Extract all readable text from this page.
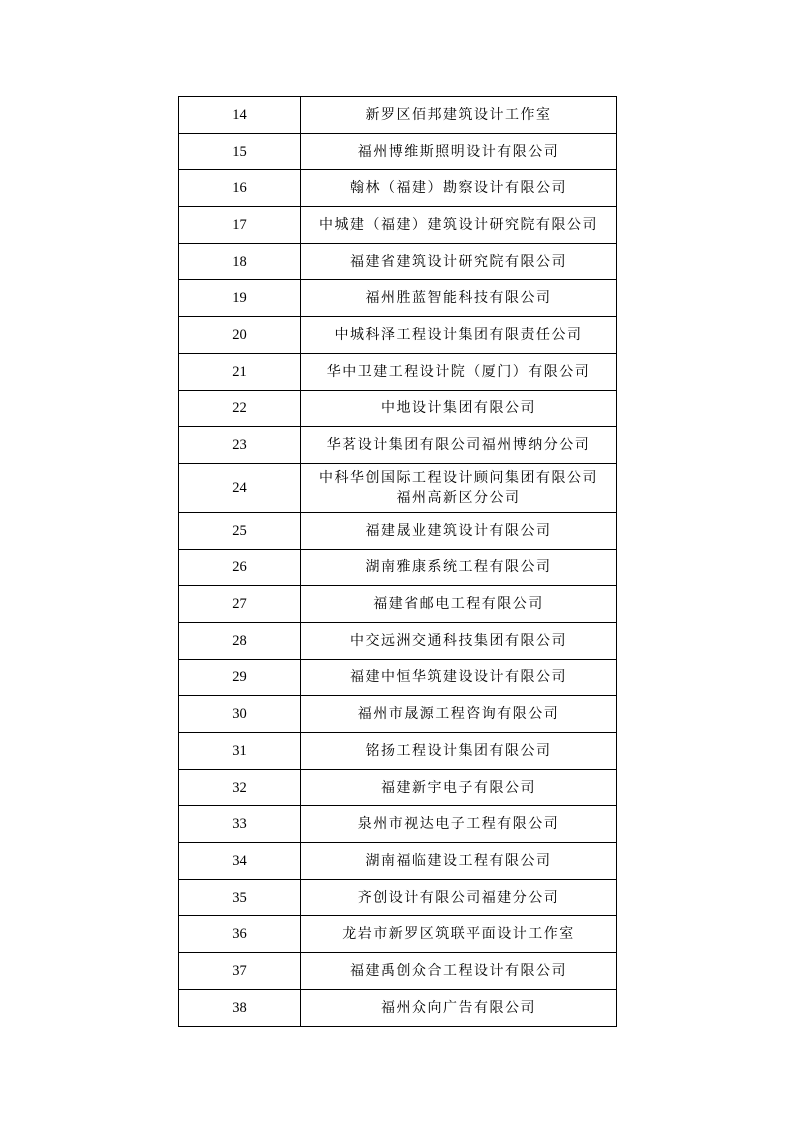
14	新罗区佰邦建筑设计工作室
15	福州博维斯照明设计有限公司
16	翰林（福建）勘察设计有限公司
17	中城建（福建）建筑设计研究院有限公司
18	福建省建筑设计研究院有限公司
19	福州胜蓝智能科技有限公司
20	中城科泽工程设计集团有限责任公司
21	华中卫建工程设计院（厦门）有限公司
22	中地设计集团有限公司
23	华茗设计集团有限公司福州博纳分公司
24	中科华创国际工程设计顾问集团有限公司
福州高新区分公司

25	福建晟业建筑设计有限公司
26	湖南雅康系统工程有限公司
27	福建省邮电工程有限公司
28	中交远洲交通科技集团有限公司
29	福建中恒华筑建设设计有限公司
30	福州市晟源工程咨询有限公司
31	铭扬工程设计集团有限公司
32	福建新宇电子有限公司
33	泉州市视达电子工程有限公司
34	湖南福临建设工程有限公司
35	齐创设计有限公司福建分公司
36	龙岩市新罗区筑联平面设计工作室
37	福建禹创众合工程设计有限公司
38	福州众向广告有限公司
